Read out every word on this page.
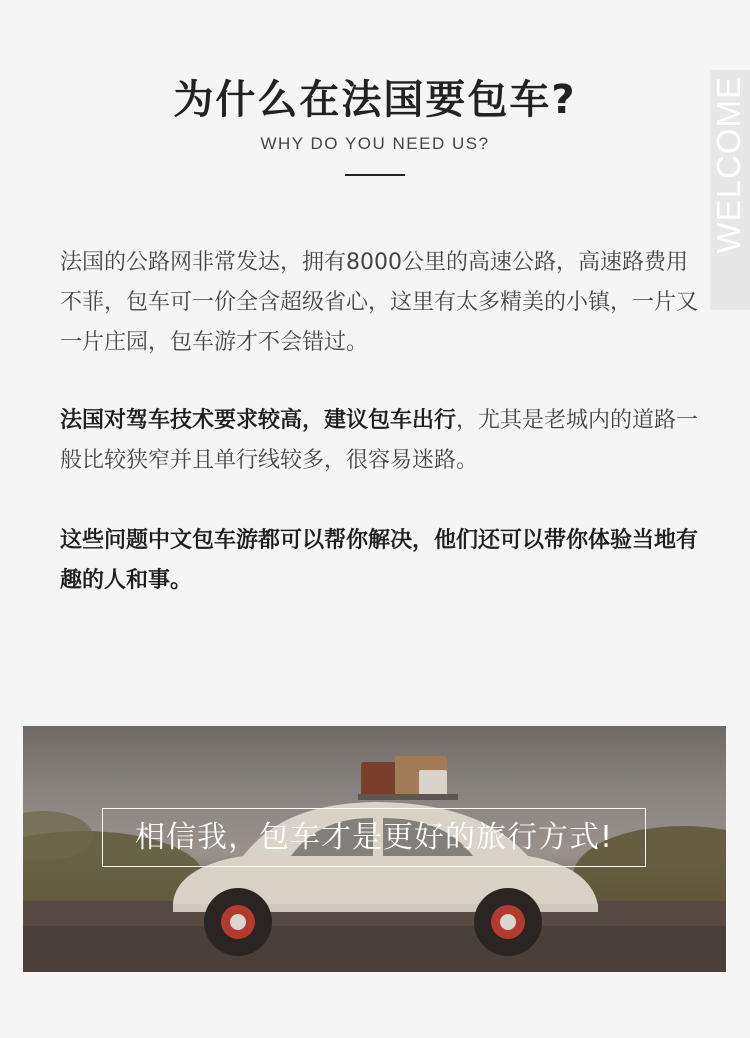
为什么在法国要包车?
WHY DO YOU NEED US?	WELCOME
法国的公路网非常发达，拥有8000公里的高速公路，高速路费用不菲，包车可一价全含超级省心，这里有太多精美的小镇，一片又一片庄园，包车游才不会错过。
法国对驾车技术要求较高，建议包车出行，尤其是老城内的道路一般比较狭窄并且单行线较多，很容易迷路。
这些问题中文包车游都可以帮你解决，他们还可以带你体验当地有趣的人和事。
相信我，包车才是更好的旅行方式!
